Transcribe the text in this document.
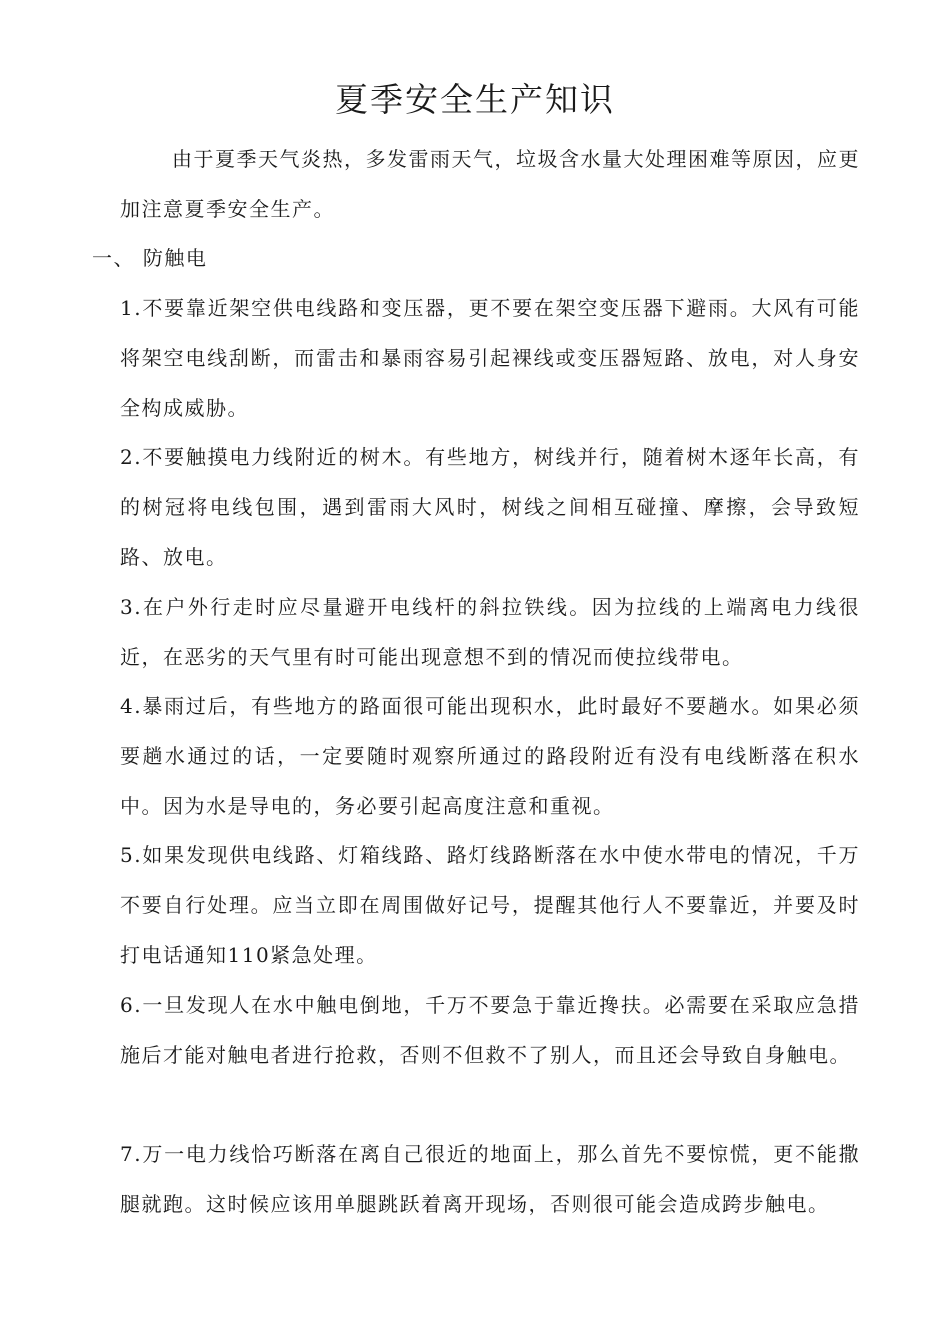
夏季安全生产知识

由于夏季天气炎热，多发雷雨天气，垃圾含水量大处理困难等原因，应更加注意夏季安全生产。

一、 防触电

1.不要靠近架空供电线路和变压器，更不要在架空变压器下避雨。大风有可能将架空电线刮断，而雷击和暴雨容易引起裸线或变压器短路、放电，对人身安全构成威胁。

2.不要触摸电力线附近的树木。有些地方，树线并行，随着树木逐年长高，有的树冠将电线包围，遇到雷雨大风时，树线之间相互碰撞、摩擦，会导致短路、放电。

3.在户外行走时应尽量避开电线杆的斜拉铁线。因为拉线的上端离电力线很近，在恶劣的天气里有时可能出现意想不到的情况而使拉线带电。

4.暴雨过后，有些地方的路面很可能出现积水，此时最好不要趟水。如果必须要趟水通过的话，一定要随时观察所通过的路段附近有没有电线断落在积水中。因为水是导电的，务必要引起高度注意和重视。

5.如果发现供电线路、灯箱线路、路灯线路断落在水中使水带电的情况，千万不要自行处理。应当立即在周围做好记号，提醒其他行人不要靠近，并要及时打电话通知110紧急处理。

6.一旦发现人在水中触电倒地，千万不要急于靠近搀扶。必需要在采取应急措施后才能对触电者进行抢救，否则不但救不了别人，而且还会导致自身触电。

7.万一电力线恰巧断落在离自己很近的地面上，那么首先不要惊慌，更不能撒腿就跑。这时候应该用单腿跳跃着离开现场，否则很可能会造成跨步触电。
